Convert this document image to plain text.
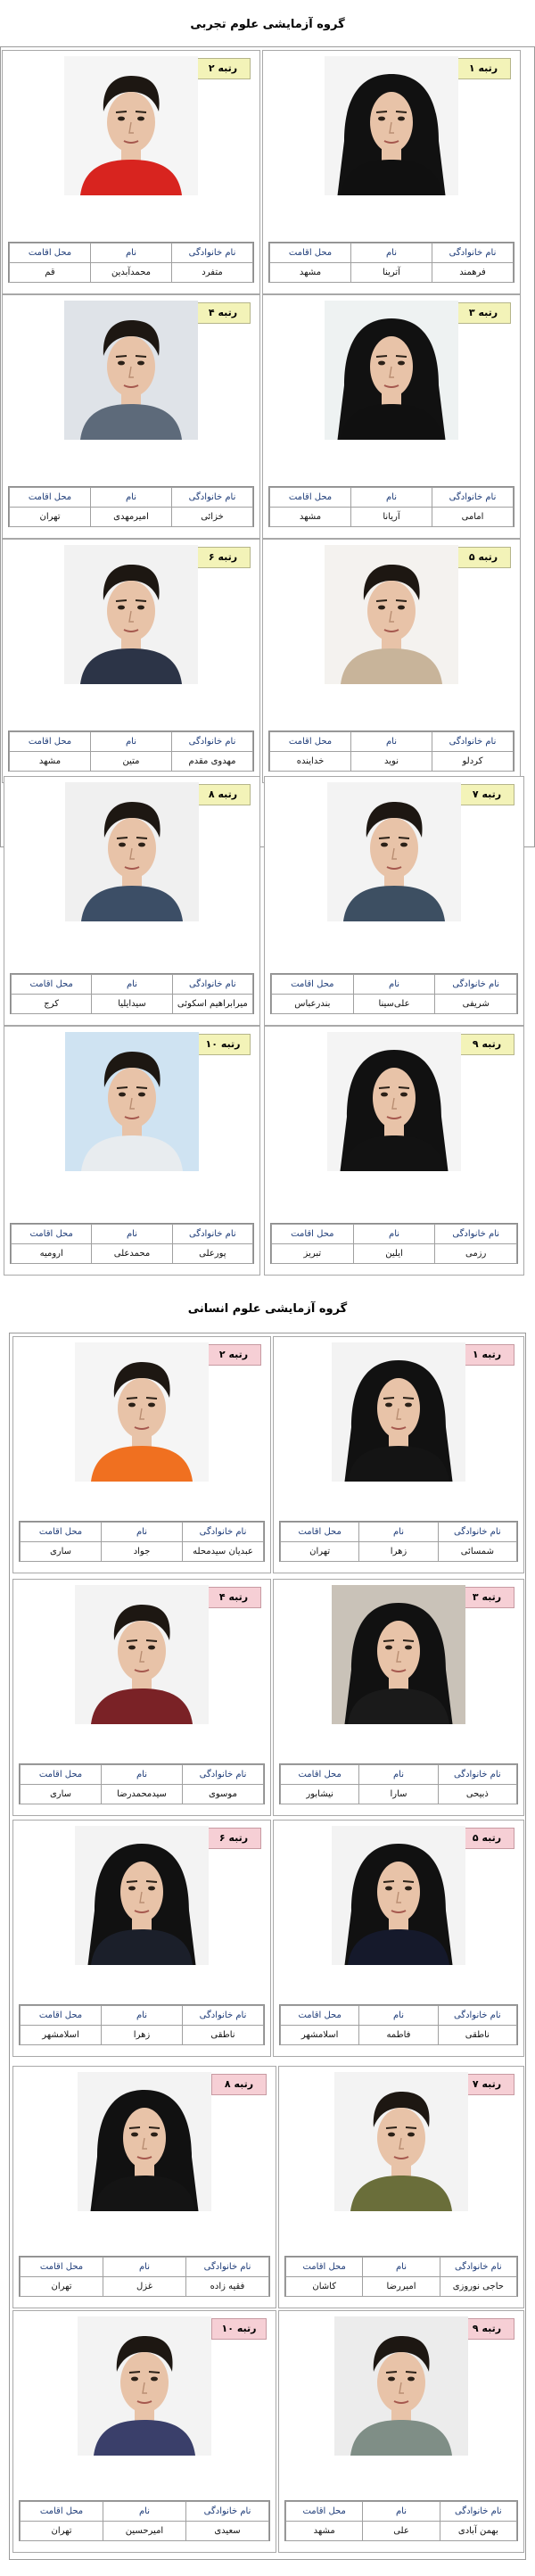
گروه آزمایشی علوم تجربی
گروه آزمایشی علوم انسانی
رتبه ۱
نام خانوادگی	نام	محل اقامت
فرهمند	آترینا	مشهد
رتبه ۲
نام خانوادگی	نام	محل اقامت
متفرد	محمدآبدین	قم
رتبه ۳
نام خانوادگی	نام	محل اقامت
امامی	آریانا	مشهد
رتبه ۴
نام خانوادگی	نام	محل اقامت
خزائی	امیرمهدی	تهران
رتبه ۵
نام خانوادگی	نام	محل اقامت
کردلو	نوید	خداینده
رتبه ۶
نام خانوادگی	نام	محل اقامت
مهدوی مقدم	متین	مشهد
رتبه ۷
نام خانوادگی	نام	محل اقامت
شریفی	علی‌سینا	بندرعباس
رتبه ۸
نام خانوادگی	نام	محل اقامت
میرابراهیم اسکوئی	سیدایلیا	کرج
رتبه ۹
نام خانوادگی	نام	محل اقامت
رزمی	ایلین	تبریز
رتبه ۱۰
نام خانوادگی	نام	محل اقامت
پورعلی	محمدعلی	ارومیه
رتبه ۱
نام خانوادگی	نام	محل اقامت
شمسائی	زهرا	تهران
رتبه ۲
نام خانوادگی	نام	محل اقامت
عبدیان سیدمحله	جواد	ساری
رتبه ۳
نام خانوادگی	نام	محل اقامت
ذبیحی	سارا	نیشابور
رتبه ۴
نام خانوادگی	نام	محل اقامت
موسوی	سیدمحمدرضا	ساری
رتبه ۵
نام خانوادگی	نام	محل اقامت
ناطقی	فاطمه	اسلامشهر
رتبه ۶
نام خانوادگی	نام	محل اقامت
ناطقی	زهرا	اسلامشهر
رتبه ۷
نام خانوادگی	نام	محل اقامت
حاجی نوروزی	امیررضا	کاشان
رتبه ۸
نام خانوادگی	نام	محل اقامت
فقیه زاده	غزل	تهران
رتبه ۹
نام خانوادگی	نام	محل اقامت
بهمن آبادی	علی	مشهد
رتبه ۱۰
نام خانوادگی	نام	محل اقامت
سعیدی	امیرحسین	تهران
